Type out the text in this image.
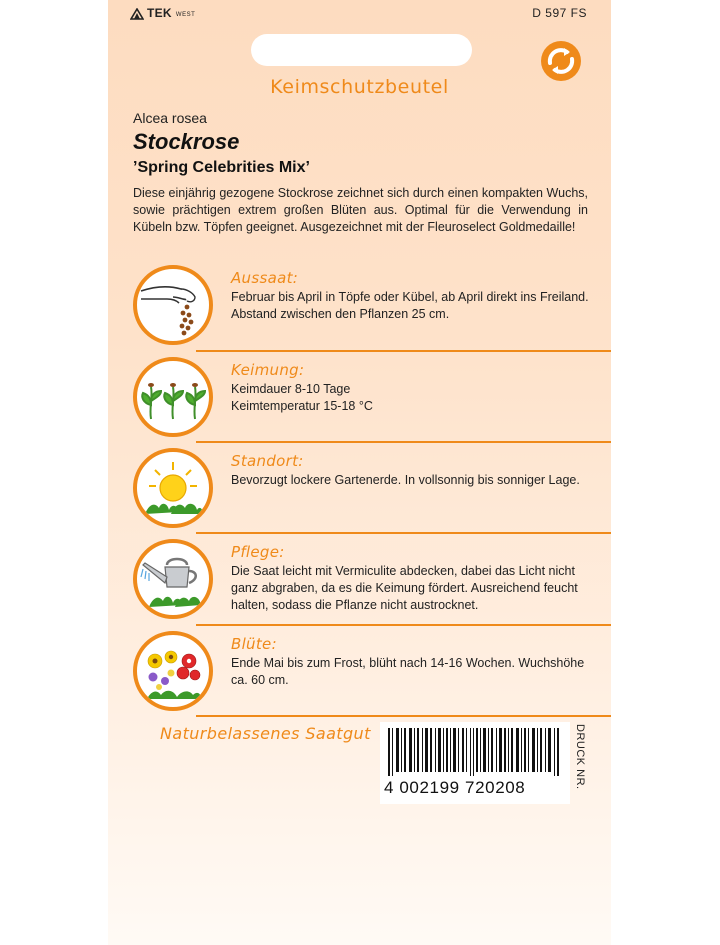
TEK WEST	D 597 FS
Keimschutzbeutel
Alcea rosea
Stockrose
’Spring Celebrities Mix’
Diese einjährig gezogene Stockrose zeichnet sich durch einen kompakten Wuchs, sowie prächtigen extrem großen Blüten aus. Optimal für die Verwendung in Kübeln bzw. Töpfen geeignet. Ausgezeichnet mit der Fleuroselect Goldmedaille!
Aussaat:
Februar bis April in Töpfe oder Kübel, ab April direkt ins Freiland. Abstand zwischen den Pflanzen 25 cm.
Keimung:
Keimdauer 8-10 Tage
Keimtemperatur 15-18 °C
Standort:
Bevorzugt lockere Gartenerde. In vollsonnig bis sonniger Lage.
Pflege:
Die Saat leicht mit Vermiculite abdecken, dabei das Licht nicht ganz abgraben, da es die Keimung fördert. Ausreichend feucht halten, sodass die Pflanze nicht austrocknet.
Blüte:
Ende Mai bis zum Frost, blüht nach 14-16 Wochen. Wuchshöhe ca. 60 cm.
Naturbelassenes Saatgut
4 002199 720208	DRUCK NR.
